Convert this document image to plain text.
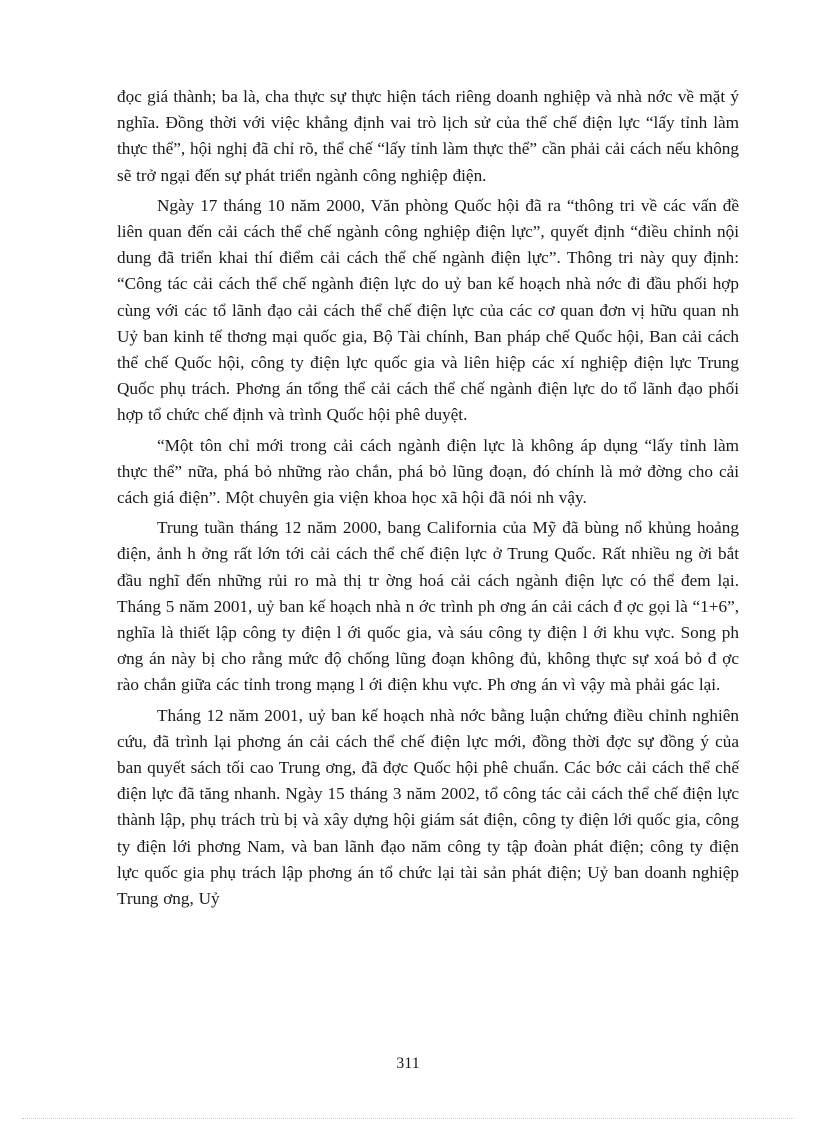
đọc giá thành; ba là, cha thực sự thực hiện tách riêng doanh nghiệp và nhà nớc về mặt ý nghĩa. Đồng thời với việc khẳng định vai trò lịch sử của thể chế điện lực “lấy tỉnh làm thực thể”, hội nghị đã chỉ rõ, thể chế “lấy tỉnh làm thực thể” cần phải cải cách nếu không sẽ trở ngại đến sự phát triển ngành công nghiệp điện.

Ngày 17 tháng 10 năm 2000, Văn phòng Quốc hội đã ra “thông tri về các vấn đề liên quan đến cải cách thể chế ngành công nghiệp điện lực”, quyết định “điều chỉnh nội dung đã triển khai thí điểm cải cách thể chế ngành điện lực”. Thông tri này quy định: “Công tác cải cách thể chế ngành điện lực do uỷ ban kế hoạch nhà nớc đi đầu phối hợp cùng với các tổ lãnh đạo cải cách thể chế điện lực của các cơ quan đơn vị hữu quan nh Uỷ ban kinh tế thơng mại quốc gia, Bộ Tài chính, Ban pháp chế Quốc hội, Ban cải cách thể chế Quốc hội, công ty điện lực quốc gia và liên hiệp các xí nghiệp điện lực Trung Quốc phụ trách. Phơng án tổng thể cải cách thể chế ngành điện lực do tổ lãnh đạo phối hợp tổ chức chế định và trình Quốc hội phê duyệt.

“Một tôn chỉ mới trong cải cách ngành điện lực là không áp dụng “lấy tỉnh làm thực thể” nữa, phá bỏ những rào chắn, phá bỏ lũng đoạn, đó chính là mở đờng cho cải cách giá điện”. Một chuyên gia viện khoa học xã hội đã nói nh vậy.

Trung tuần tháng 12 năm 2000, bang California của Mỹ đã bùng nổ khủng hoảng điện, ảnh h ởng rất lớn tới cải cách thể chế điện lực ở Trung Quốc. Rất nhiều ng ời bắt đầu nghĩ đến những rủi ro mà thị tr ờng hoá cải cách ngành điện lực có thể đem lại. Tháng 5 năm 2001, uỷ ban kế hoạch nhà n ớc trình ph ơng án cải cách đ ợc gọi là “1+6”, nghĩa là thiết lập công ty điện l ới quốc gia, và sáu công ty điện l ới khu vực. Song ph ơng án này bị cho rằng mức độ chống lũng đoạn không đủ, không thực sự xoá bỏ đ ợc rào chắn giữa các tỉnh trong mạng l ới điện khu vực. Ph ơng án vì vậy mà phải gác lại.

Tháng 12 năm 2001, uỷ ban kế hoạch nhà nớc bằng luận chứng điều chỉnh nghiên cứu, đã trình lại phơng án cải cách thể chế điện lực mới, đồng thời đợc sự đồng ý của ban quyết sách tối cao Trung ơng, đã đợc Quốc hội phê chuẩn. Các bớc cải cách thể chế điện lực đã tăng nhanh. Ngày 15 tháng 3 năm 2002, tổ công tác cải cách thể chế điện lực thành lập, phụ trách trù bị và xây dựng hội giám sát điện, công ty điện lới quốc gia, công ty điện lới phơng Nam, và ban lãnh đạo năm công ty tập đoàn phát điện; công ty điện lực quốc gia phụ trách lập phơng án tổ chức lại tài sản phát điện; Uỷ ban doanh nghiệp Trung ơng, Uỷ

311
